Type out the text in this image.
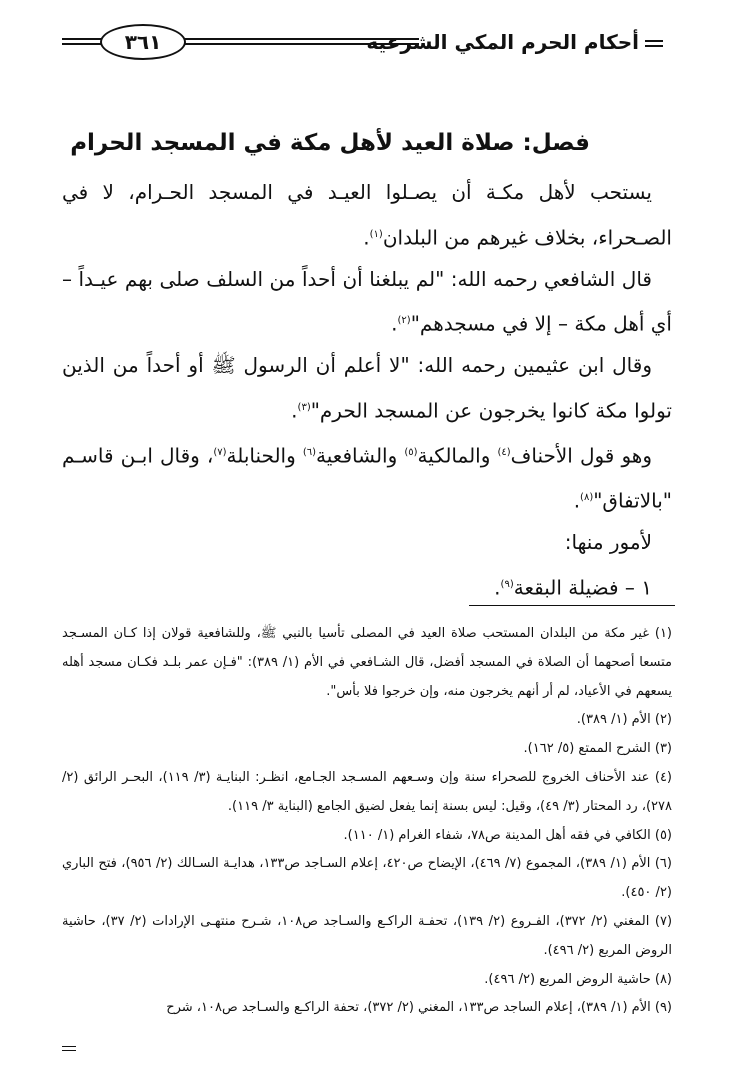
أحكام الحرم المكي الشرعية
٣٦١
فصل: صلاة العيد لأهل مكة في المسجد الحرام

يستحب لأهل مكـة أن يصـلوا العيـد في المسجد الحـرام، لا في الصـحراء، بخلاف غيرهم من البلدان$^{(١)}$.

قال الشافعي رحمه الله: "لم يبلغنا أن أحداً من السلف صلى بهم عيـداً – أي أهل مكة – إلا في مسجدهم"$^{(٢)}$.

وقال ابن عثيمين رحمه الله: "لا أعلم أن الرسول ﷺ أو أحداً من الذين تولوا مكة كانوا يخرجون عن المسجد الحرم"$^{(٣)}$.

وهو قول الأحناف$^{(٤)}$ والمالكية$^{(٥)}$ والشافعية$^{(٦)}$ والحنابلة$^{(٧)}$، وقال ابـن قاسـم "بالاتفاق"$^{(٨)}$.

لأمور منها:

١ – فضيلة البقعة$^{(٩)}$.

(١) غير مكة من البلدان المستحب صلاة العيد في المصلى تأسيا بالنبي ﷺ، وللشافعية قولان إذا كـان المسـجد متسعا أصحهما أن الصلاة في المسجد أفضل، قال الشـافعي في الأم (١/ ٣٨٩): "فـإن عمر بلـد فكـان مسجد أهله يسعهم في الأعياد، لم أر أنهم يخرجون منه، وإن خرجوا فلا بأس".

(٢) الأم (١/ ٣٨٩).

(٣) الشرح الممتع (٥/ ١٦٢).

(٤) عند الأحناف الخروج للصحراء سنة وإن وسـعهم المسـجد الجـامع، انظـر: البنايـة (٣/ ١١٩)، البحـر الرائق (٢/ ٢٧٨)، رد المحتار (٣/ ٤٩)، وقيل: ليس بسنة إنما يفعل لضيق الجامع (البناية ٣/ ١١٩).

(٥) الكافي في فقه أهل المدينة ص٧٨، شفاء الغرام (١/ ١١٠).

(٦) الأم (١/ ٣٨٩)، المجموع (٧/ ٤٦٩)، الإيضاح ص٤٢٠، إعلام السـاجد ص١٣٣، هدايـة السـالك (٢/ ٩٥٦)، فتح الباري (٢/ ٤٥٠).

(٧) المغني (٢/ ٣٧٢)، الفـروع (٢/ ١٣٩)، تحفـة الراكـع والسـاجد ص١٠٨، شـرح منتهـى الإرادات (٢/ ٣٧)، حاشية الروض المربع (٢/ ٤٩٦).

(٨) حاشية الروض المربع (٢/ ٤٩٦).

(٩) الأم (١/ ٣٨٩)، إعلام الساجد ص١٣٣، المغني (٢/ ٣٧٢)، تحفة الراكـع والسـاجد ص١٠٨، شرح
